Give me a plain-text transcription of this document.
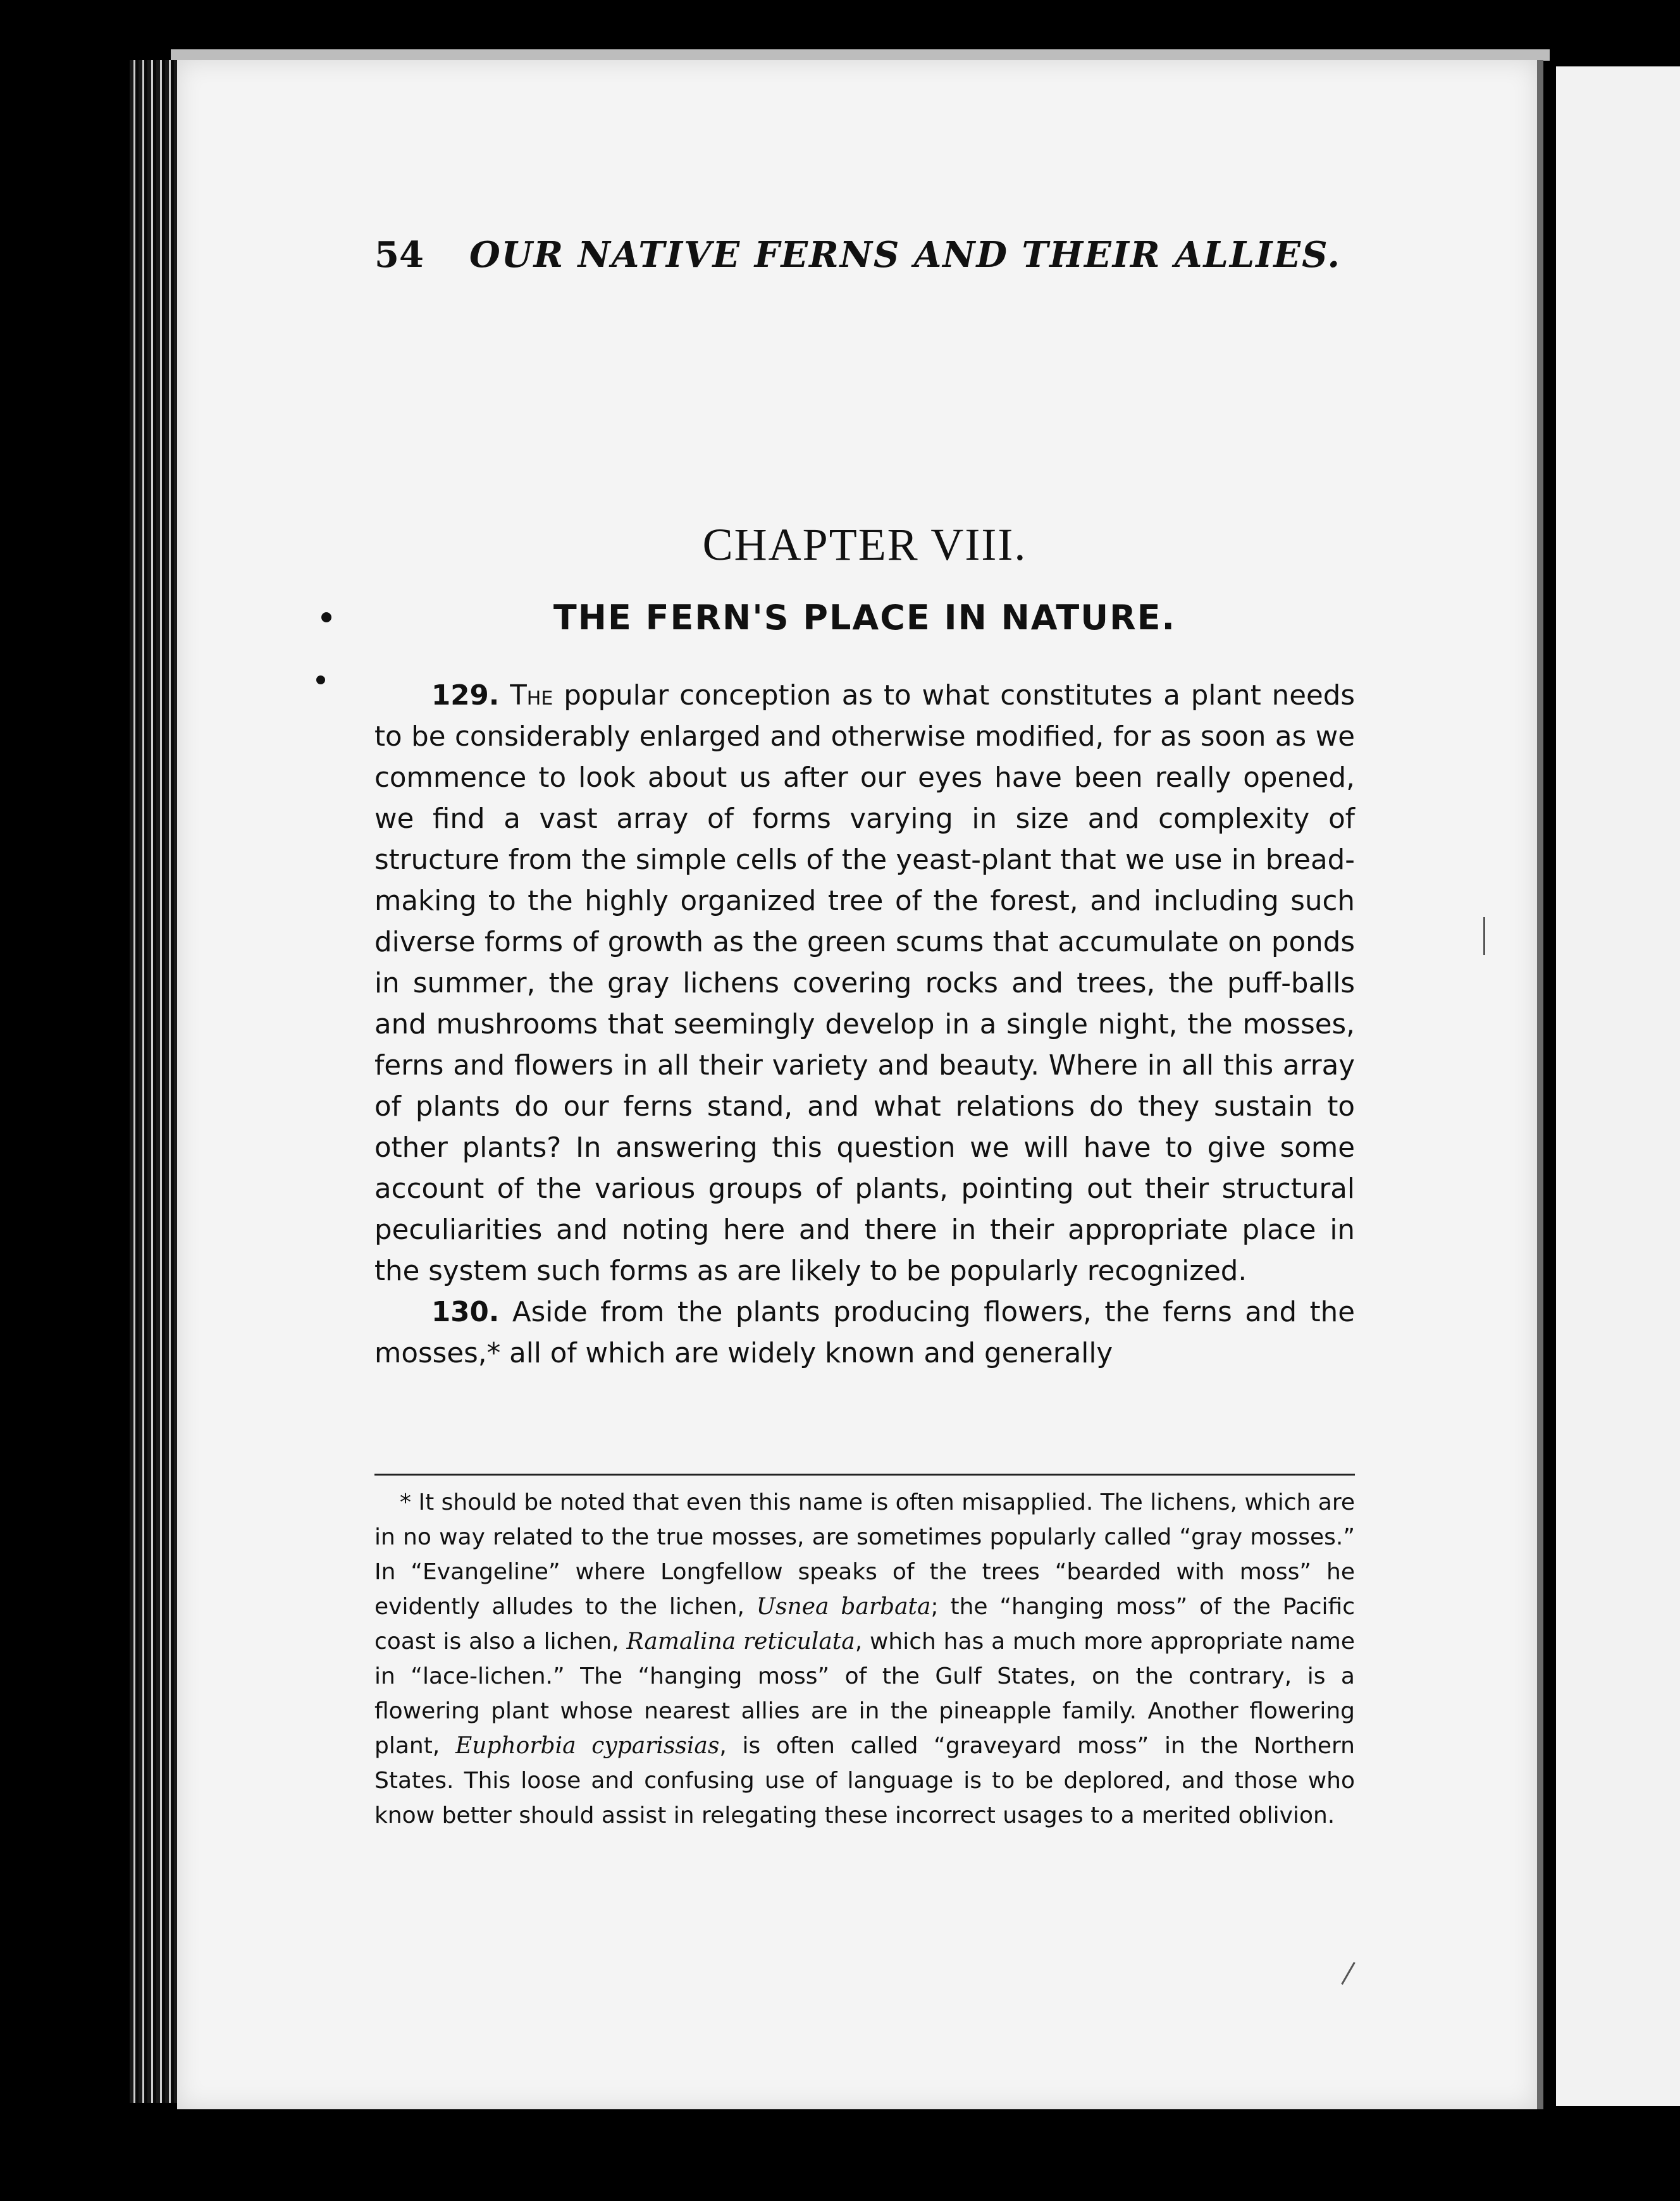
54 OUR NATIVE FERNS AND THEIR ALLIES.
CHAPTER VIII.
THE FERN'S PLACE IN NATURE.

129. The popular conception as to what constitutes a plant needs to be considerably enlarged and otherwise modified, for as soon as we commence to look about us after our eyes have been really opened, we find a vast array of forms varying in size and complexity of structure from the simple cells of the yeast-plant that we use in bread-making to the highly organized tree of the forest, and including such diverse forms of growth as the green scums that accumulate on ponds in summer, the gray lichens covering rocks and trees, the puff-balls and mushrooms that seemingly develop in a single night, the mosses, ferns and flowers in all their variety and beauty. Where in all this array of plants do our ferns stand, and what relations do they sustain to other plants? In answering this question we will have to give some account of the various groups of plants, pointing out their structural peculiarities and noting here and there in their appropriate place in the system such forms as are likely to be popularly recognized.

130. Aside from the plants producing flowers, the ferns and the mosses,* all of which are widely known and generally

* It should be noted that even this name is often misapplied. The lichens, which are in no way related to the true mosses, are sometimes popularly called “gray mosses.” In “Evangeline” where Longfellow speaks of the trees “bearded with moss” he evidently alludes to the lichen, Usnea barbata; the “hanging moss” of the Pacific coast is also a lichen, Ramalina reticulata, which has a much more appropriate name in “lace-lichen.” The “hanging moss” of the Gulf States, on the contrary, is a flowering plant whose nearest allies are in the pineapple family. Another flowering plant, Euphorbia cyparissias, is often called “graveyard moss” in the Northern States. This loose and confusing use of language is to be deplored, and those who know better should assist in relegating these incorrect usages to a merited oblivion.
